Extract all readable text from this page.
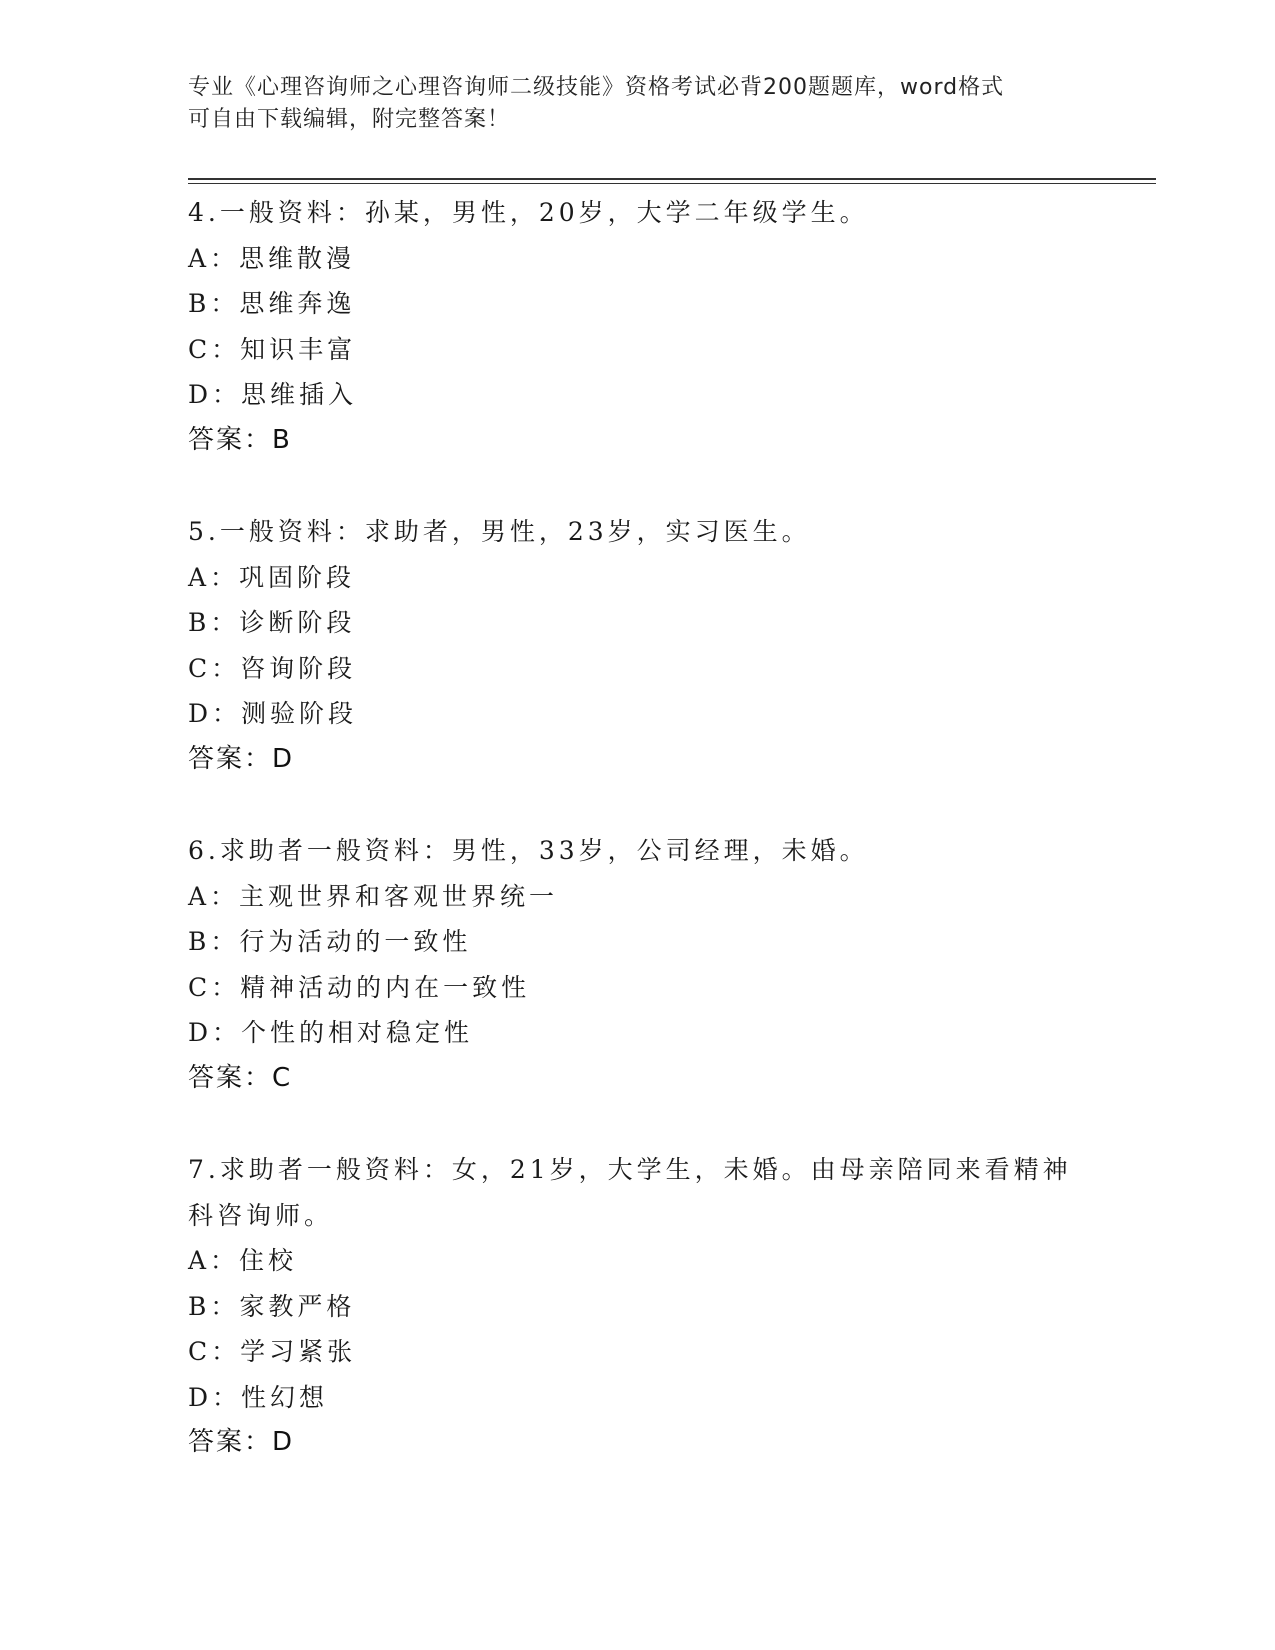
专业《心理咨询师之心理咨询师二级技能》资格考试必背200题题库，word格式
可自由下载编辑，附完整答案！
4.一般资料：孙某，男性，20岁，大学二年级学生。
A：思维散漫
B：思维奔逸
C：知识丰富
D：思维插入
答案：B
5.一般资料：求助者，男性，23岁，实习医生。
A：巩固阶段
B：诊断阶段
C：咨询阶段
D：测验阶段
答案：D
6.求助者一般资料：男性，33岁，公司经理，未婚。
A：主观世界和客观世界统一
B：行为活动的一致性
C：精神活动的内在一致性
D：个性的相对稳定性
答案：C
7.求助者一般资料：女，21岁，大学生，未婚。由母亲陪同来看精神科咨询师。
A：住校
B：家教严格
C：学习紧张
D：性幻想
答案：D
